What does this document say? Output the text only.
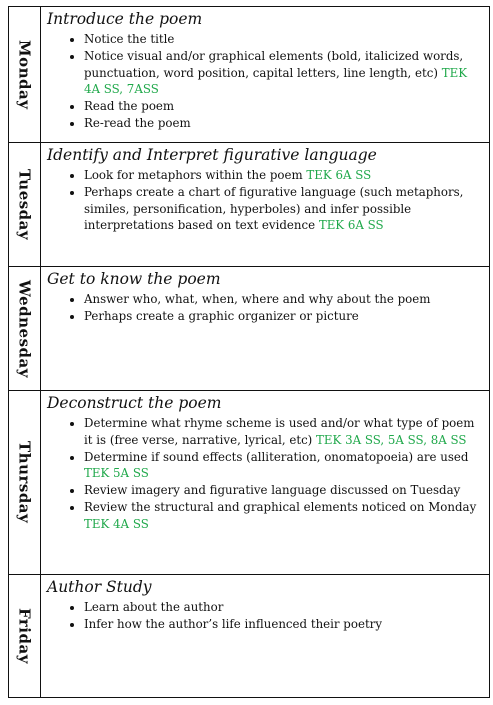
Monday
Introduce the poem
• Notice the title
• Notice visual and/or graphical elements (bold, italicized words, punctuation, word position, capital letters, line length, etc) TEK 4A SS, 7ASS
• Read the poem
• Re-read the poem
Tuesday
Identify and Interpret figurative language
• Look for metaphors within the poem TEK 6A SS
• Perhaps create a chart of figurative language (such metaphors, similes, personification, hyperboles) and infer possible interpretations based on text evidence TEK 6A SS
Wednesday
Get to know the poem
• Answer who, what, when, where and why about the poem
• Perhaps create a graphic organizer or picture
Thursday
Deconstruct the poem
• Determine what rhyme scheme is used and/or what type of poem it is (free verse, narrative, lyrical, etc) TEK 3A SS, 5A SS, 8A SS
• Determine if sound effects (alliteration, onomatopoeia) are used TEK 5A SS
• Review imagery and figurative language discussed on Tuesday
• Review the structural and graphical elements noticed on Monday TEK 4A SS
Friday
Author Study
• Learn about the author
• Infer how the author’s life influenced their poetry
